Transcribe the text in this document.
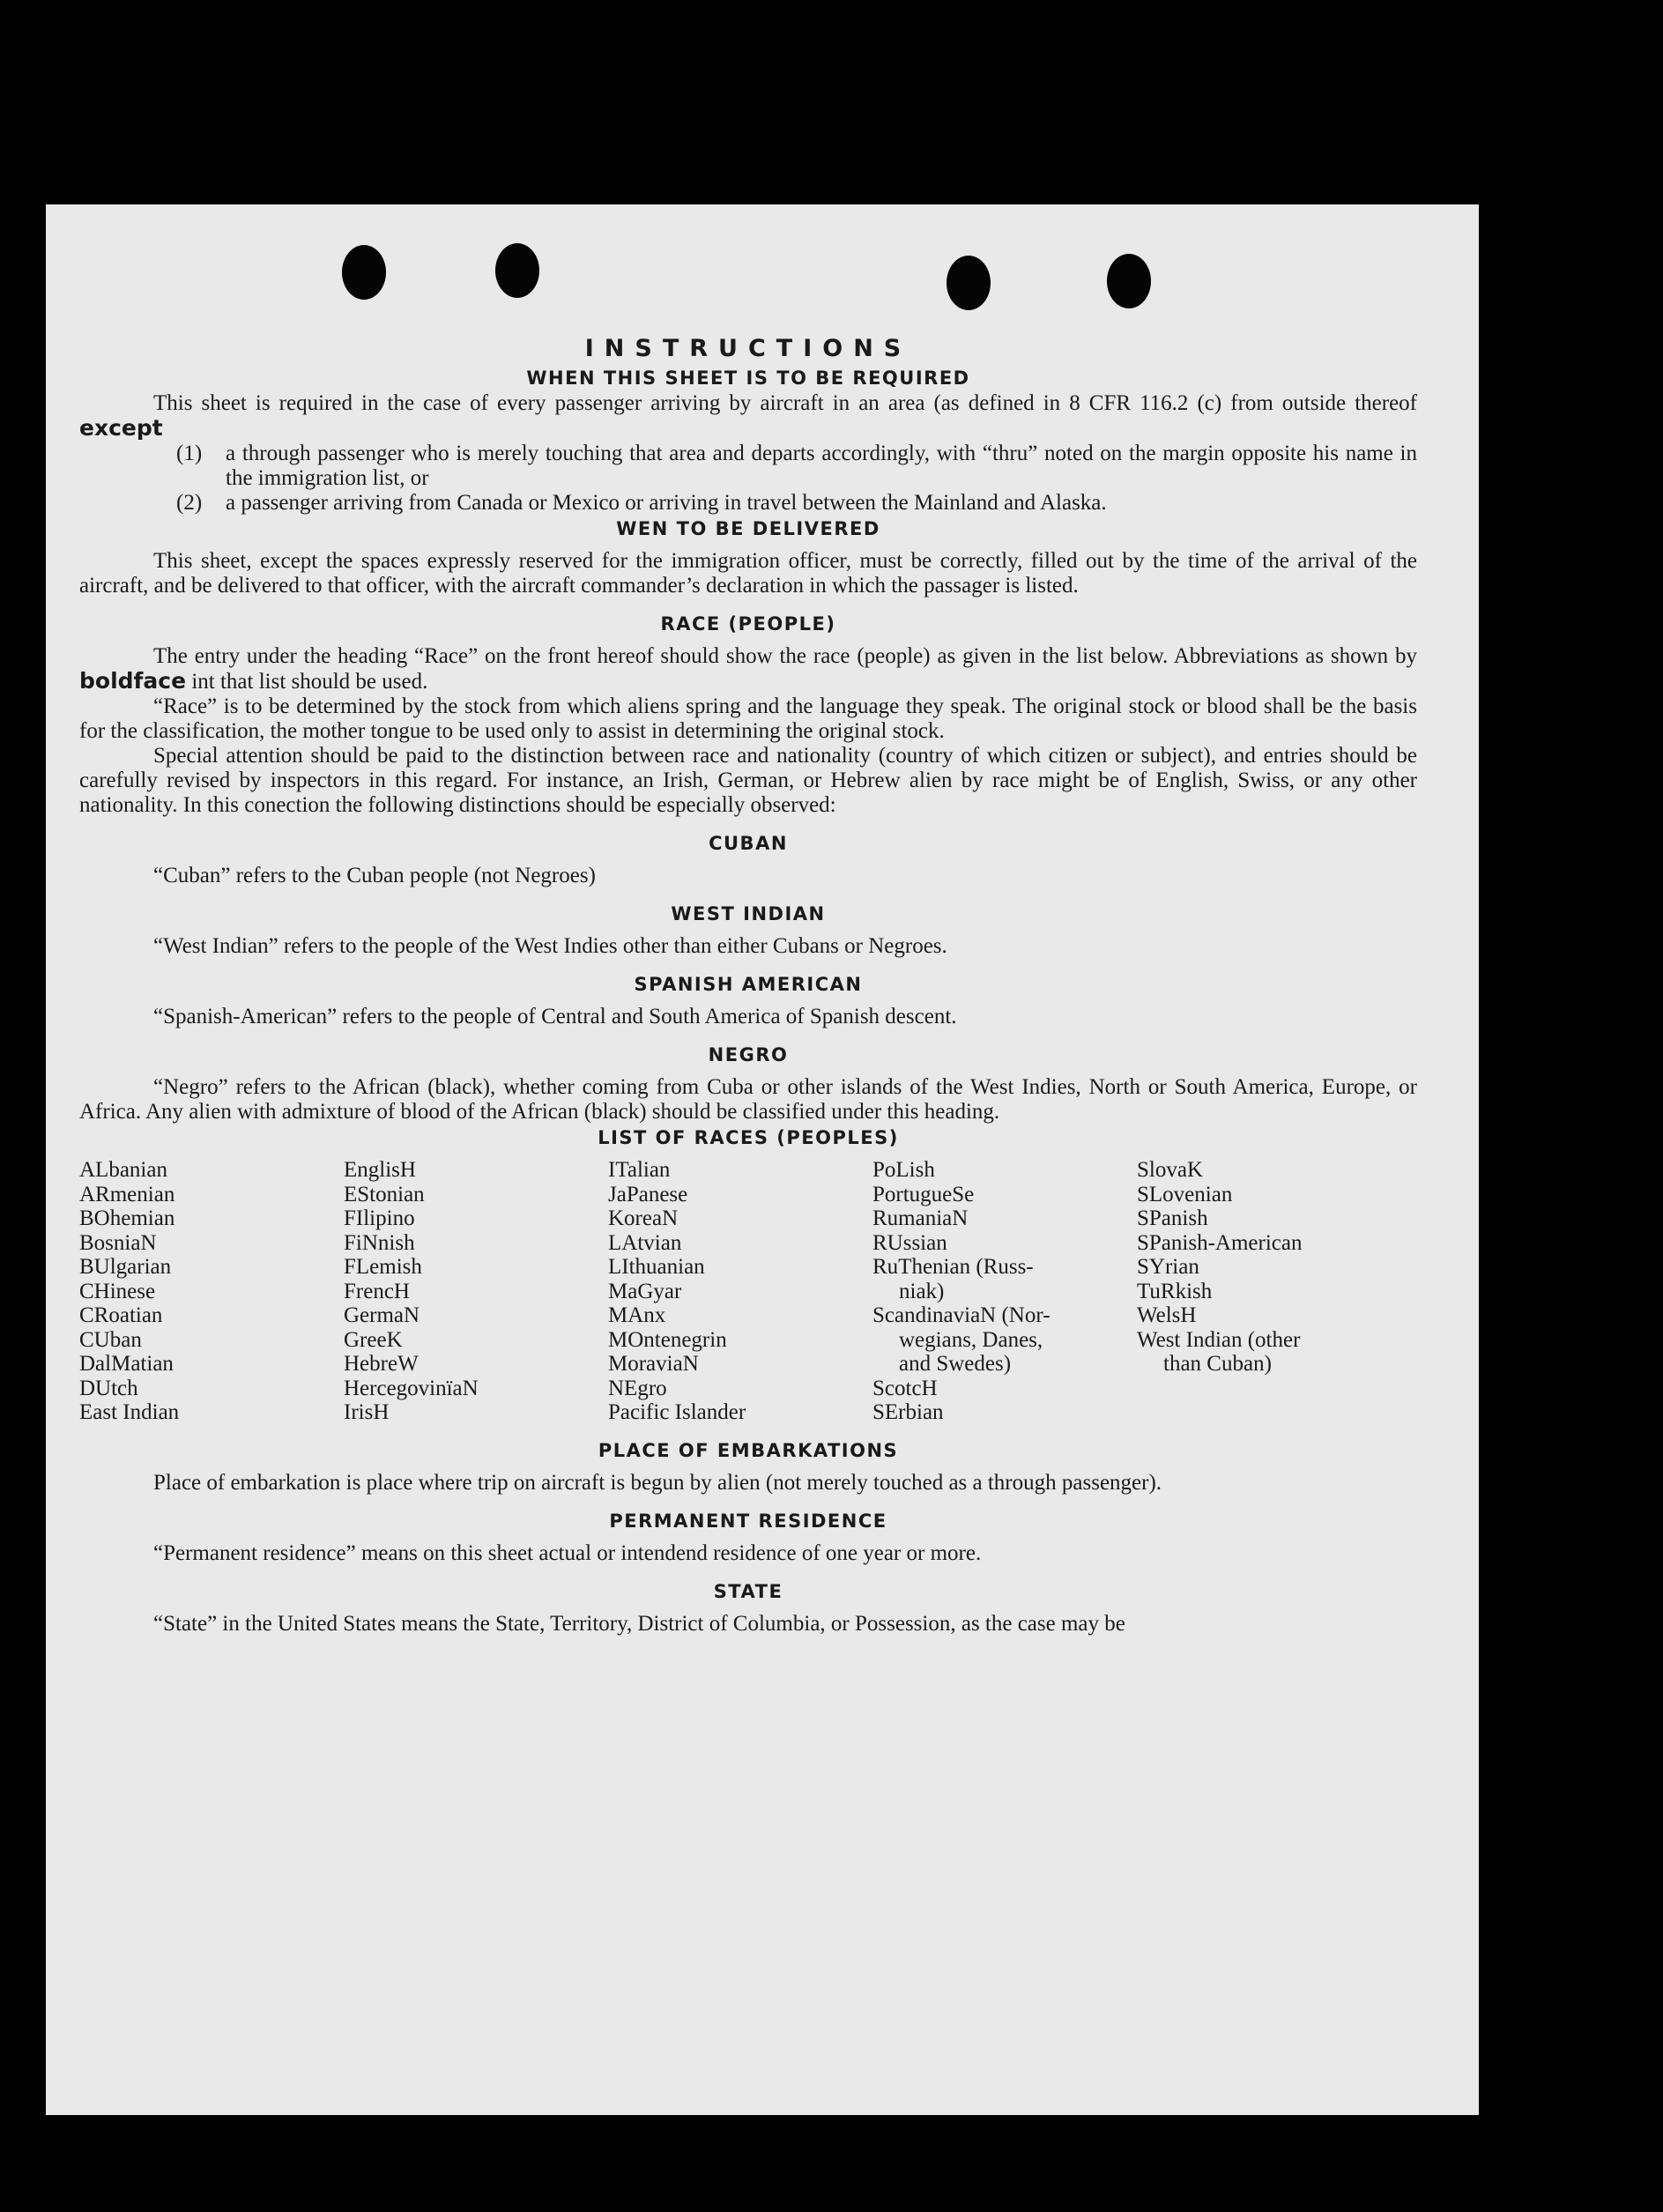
INSTRUCTIONS
WHEN THIS SHEET IS TO BE REQUIRED

This sheet is required in the case of every passenger arriving by aircraft in an area (as defined in 8 CFR 116.2 (c) from outside thereof except

(1)	a through passenger who is merely touching that area and departs accordingly, with “thru” noted on the margin opposite his name in the immigration list, or
(2)	a passenger arriving from Canada or Mexico or arriving in travel between the Mainland and Alaska.
WEN TO BE DELIVERED

This sheet, except the spaces expressly reserved for the immigration officer, must be correctly, filled out by the time of the arrival of the aircraft, and be delivered to that officer, with the aircraft commander’s declaration in which the passager is listed.

RACE (PEOPLE)

The entry under the heading “Race” on the front hereof should show the race (people) as given in the list below. Abbreviations as shown by boldface int that list should be used.

“Race” is to be determined by the stock from which aliens spring and the language they speak. The original stock or blood shall be the basis for the classification, the mother tongue to be used only to assist in determining the original stock.

Special attention should be paid to the distinction between race and nationality (country of which citizen or subject), and entries should be carefully revised by inspectors in this regard. For instance, an Irish, German, or Hebrew alien by race might be of English, Swiss, or any other nationality. In this conection the following distinctions should be especially observed:

CUBAN

“Cuban” refers to the Cuban people (not Negroes)

WEST INDIAN

“West Indian” refers to the people of the West Indies other than either Cubans or Negroes.

SPANISH AMERICAN

“Spanish-American” refers to the people of Central and South America of Spanish descent.

NEGRO

“Negro” refers to the African (black), whether coming from Cuba or other islands of the West Indies, North or South America, Europe, or Africa. Any alien with admixture of blood of the African (black) should be classified under this heading.

LIST OF RACES (PEOPLES)
ALbanian
ARmenian
BOhemian
BosniaN
BUlgarian
CHinese
CRoatian
CUban
DalMatian
DUtch
East Indian
EnglisH
EStonian
FIlipino
FiNnish
FLemish
FrencH
GermaN
GreeK
HebreW
HercegovinïaN
IrisH
ITalian
JaPanese
KoreaN
LAtvian
LIthuanian
MaGyar
MAnx
MOntenegrin
MoraviaN
NEgro
Pacific Islander
PoLish
PortugueSe
RumaniaN
RUssian
RuThenian (Russ-
niak)
ScandinaviaN (Nor-
wegians, Danes,
and Swedes)
ScotcH
SErbian
SlovaK
SLovenian
SPanish
SPanish-American
SYrian
TuRkish
WelsH
West Indian (other
than Cuban)
PLACE OF EMBARKATIONS

Place of embarkation is place where trip on aircraft is begun by alien (not merely touched as a through passenger).

PERMANENT RESIDENCE

“Permanent residence” means on this sheet actual or intendend residence of one year or more.

STATE

“State” in the United States means the State, Territory, District of Columbia, or Possession, as the case may be
